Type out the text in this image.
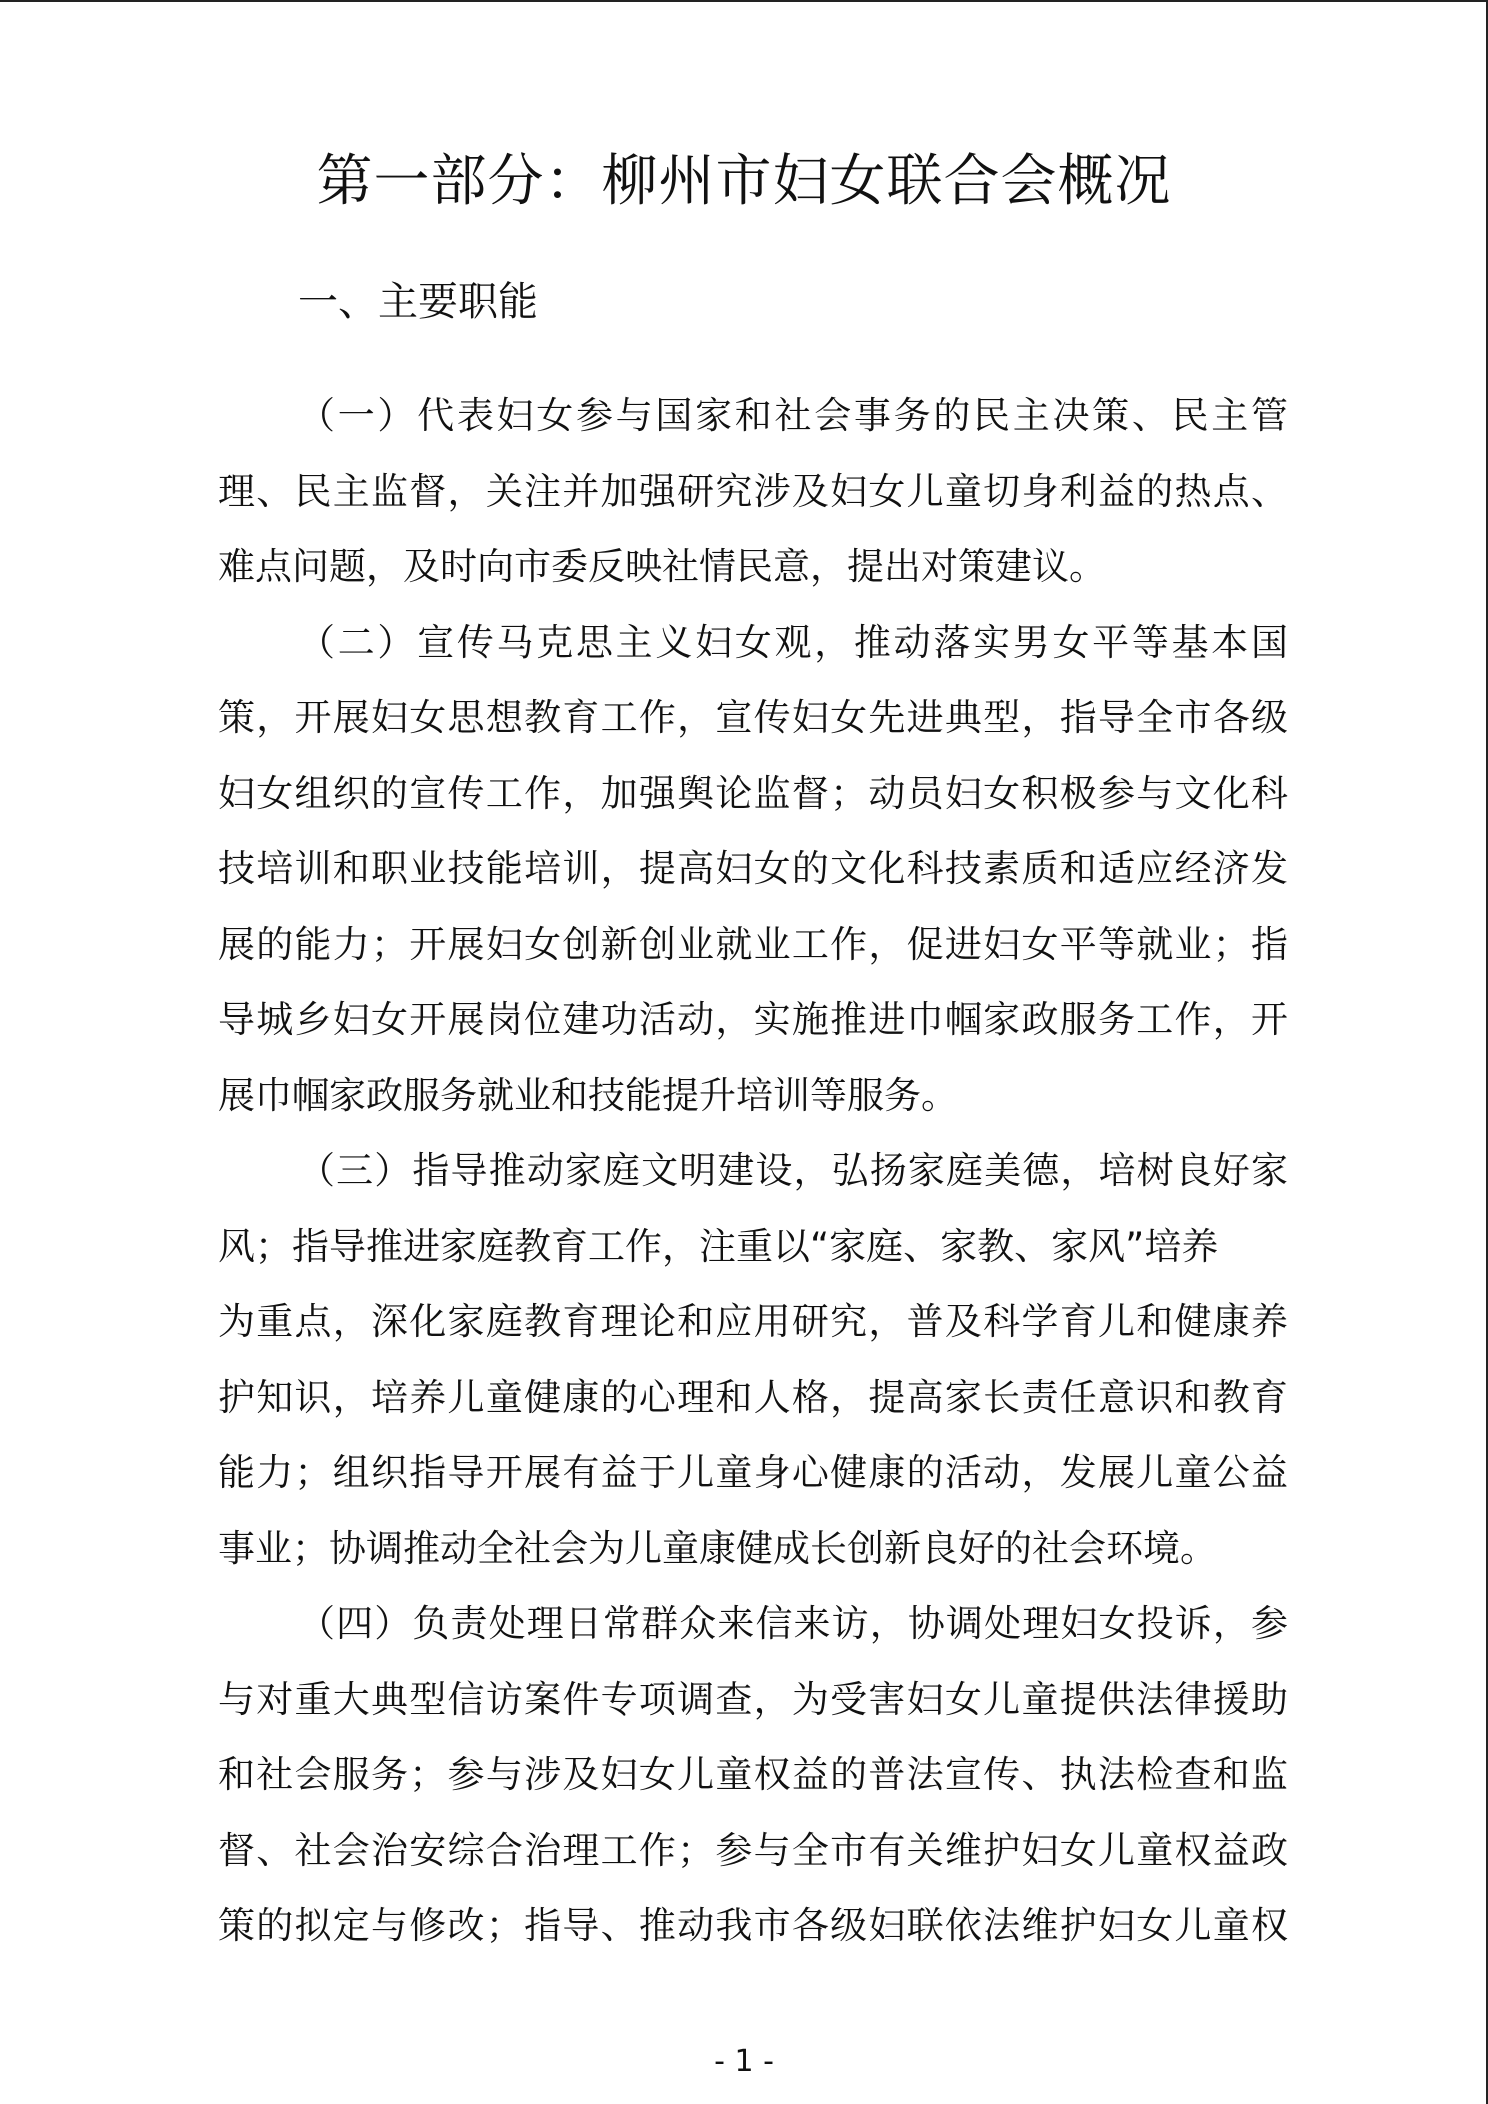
第一部分：柳州市妇女联合会概况
一、主要职能

（一）代表妇女参与国家和社会事务的民主决策、民主管
理、民主监督，关注并加强研究涉及妇女儿童切身利益的热点、
难点问题，及时向市委反映社情民意，提出对策建议。

（二）宣传马克思主义妇女观，推动落实男女平等基本国
策，开展妇女思想教育工作，宣传妇女先进典型，指导全市各级
妇女组织的宣传工作，加强舆论监督；动员妇女积极参与文化科
技培训和职业技能培训，提高妇女的文化科技素质和适应经济发
展的能力；开展妇女创新创业就业工作，促进妇女平等就业；指
导城乡妇女开展岗位建功活动，实施推进巾帼家政服务工作，开
展巾帼家政服务就业和技能提升培训等服务。

（三）指导推动家庭文明建设，弘扬家庭美德，培树良好家
风；指导推进家庭教育工作，注重以“家庭、家教、家风”培养
为重点，深化家庭教育理论和应用研究，普及科学育儿和健康养
护知识，培养儿童健康的心理和人格，提高家长责任意识和教育
能力；组织指导开展有益于儿童身心健康的活动，发展儿童公益
事业；协调推动全社会为儿童康健成长创新良好的社会环境。

（四）负责处理日常群众来信来访，协调处理妇女投诉，参
与对重大典型信访案件专项调查，为受害妇女儿童提供法律援助
和社会服务；参与涉及妇女儿童权益的普法宣传、执法检查和监
督、社会治安综合治理工作；参与全市有关维护妇女儿童权益政
策的拟定与修改；指导、推动我市各级妇联依法维护妇女儿童权

- 1 -
